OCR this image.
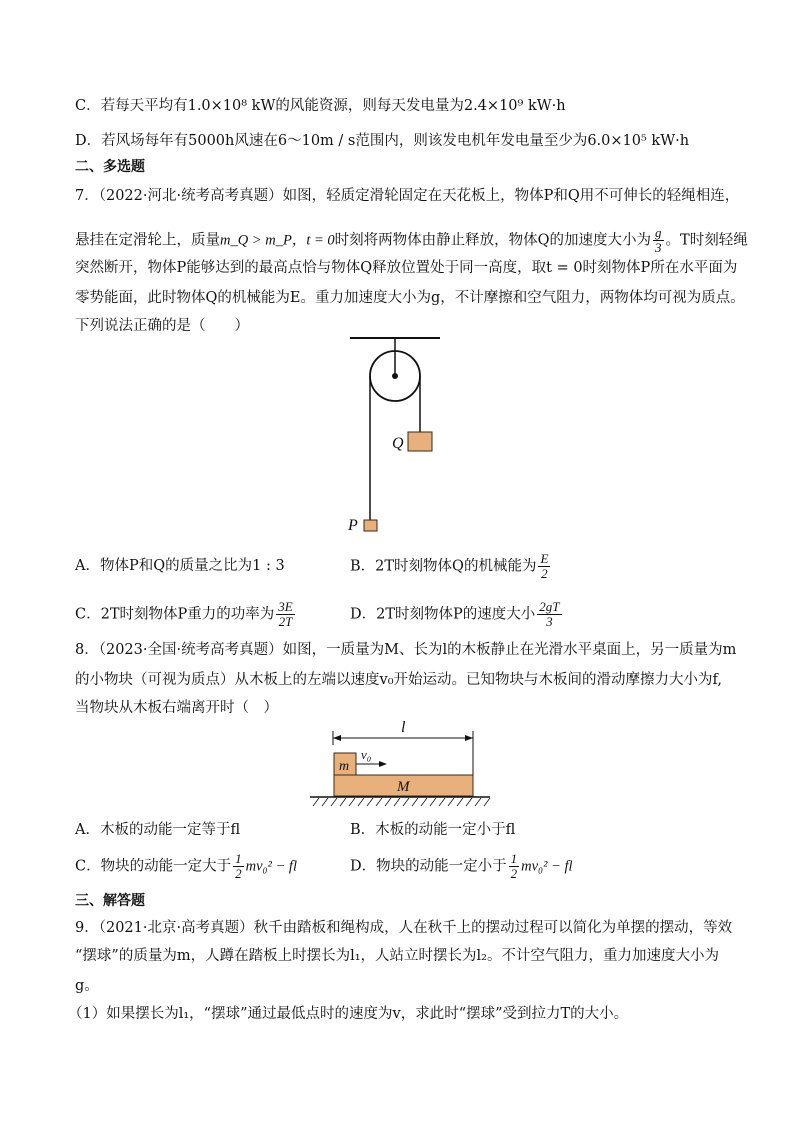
C．若每天平均有1.0×10⁸ kW的风能资源，则每天发电量为2.4×10⁹ kW·h
D．若风场每年有5000h风速在6～10m / s范围内，则该发电机年发电量至少为6.0×10⁵ kW·h
二、多选题
7．（2022·河北·统考高考真题）如图，轻质定滑轮固定在天花板上，物体P和Q用不可伸长的轻绳相连，
悬挂在定滑轮上，质量m_Q > m_P，t = 0时刻将两物体由静止释放，物体Q的加速度大小为 $\frac{g}{3}$ 。T时刻轻绳
突然断开，物体P能够达到的最高点恰与物体Q释放位置处于同一高度，取t = 0时刻物体P所在水平面为
零势能面，此时物体Q的机械能为E。重力加速度大小为g，不计摩擦和空气阻力，两物体均可视为质点。
下列说法正确的是（　　）
Q
P
A．物体P和Q的质量之比为1 : 3	B．2T时刻物体Q的机械能为 $\frac{E}{2}$
C．2T时刻物体P重力的功率为 $\frac{3E}{2T}$	D．2T时刻物体P的速度大小 $\frac{2gT}{3}$
8．（2023·全国·统考高考真题）如图，一质量为M、长为l的木板静止在光滑水平桌面上，另一质量为m
的小物块（可视为质点）从木板上的左端以速度v₀开始运动。已知物块与木板间的滑动摩擦力大小为f,
当物块从木板右端离开时（　）
l
m
v₀
M
A．木板的动能一定等于fl	B．木板的动能一定小于fl
C．物块的动能一定大于 $\frac{1}{2} mv_0^2$ − fl	D．物块的动能一定小于 $\frac{1}{2} mv_0^2$ − fl
三、解答题
9．（2021·北京·高考真题）秋千由踏板和绳构成，人在秋千上的摆动过程可以简化为单摆的摆动，等效
“摆球”的质量为m，人蹲在踏板上时摆长为l₁，人站立时摆长为l₂。不计空气阻力，重力加速度大小为
g。
（1）如果摆长为l₁，“摆球”通过最低点时的速度为v，求此时“摆球”受到拉力T的大小。
